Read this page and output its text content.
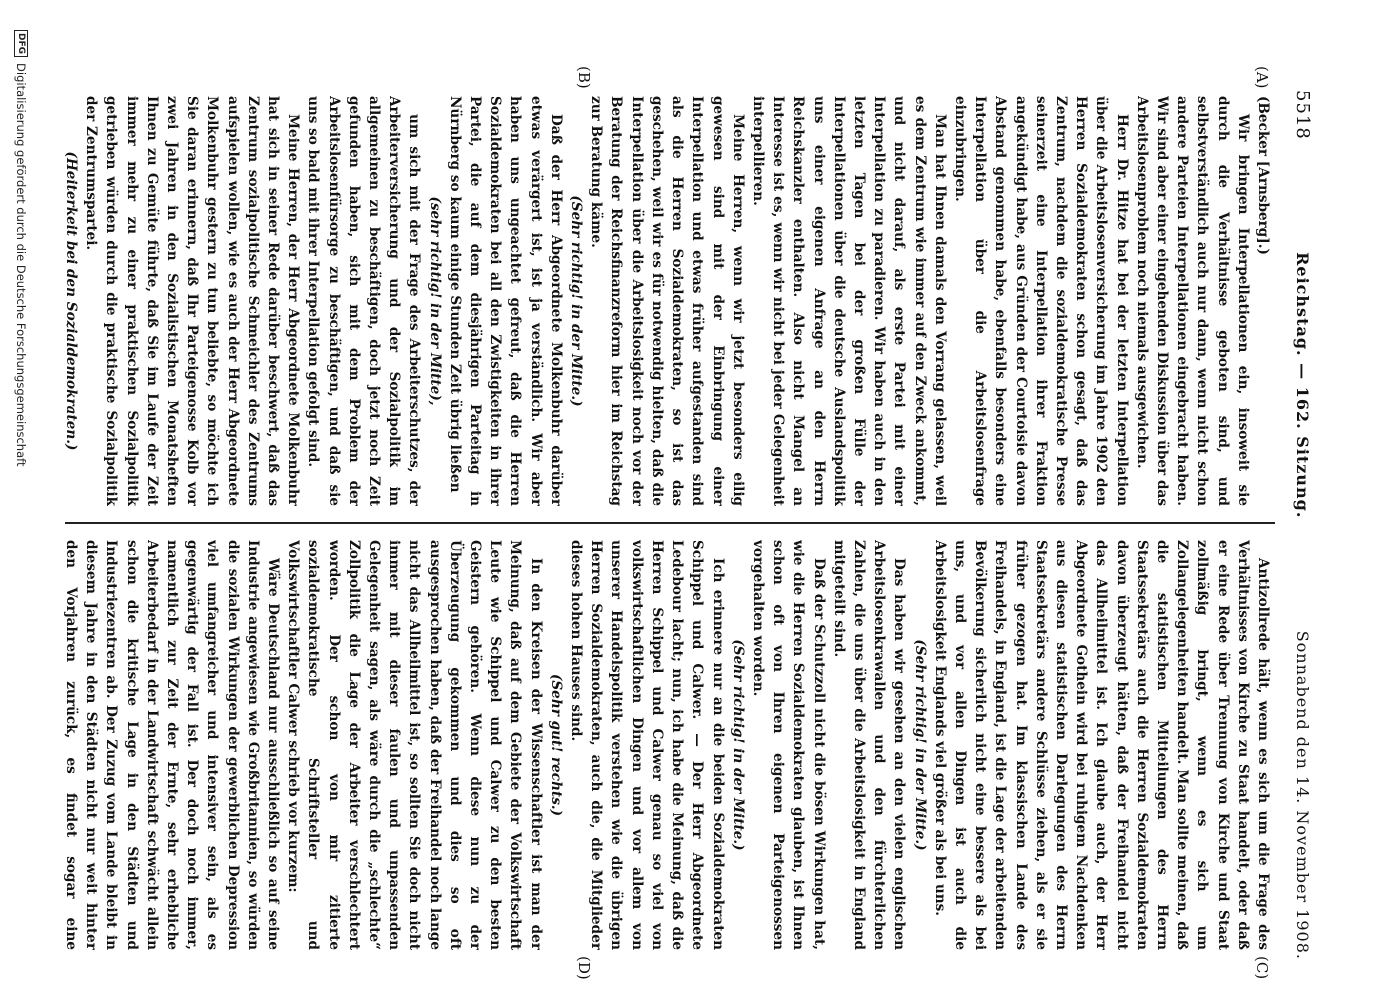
5518
Reichstag. — 162. Sitzung.
Sonnabend den 14. November 1908.
(A)
(B)
(C)
(D)

(Becker [Arnsberg].)

Wir bringen Interpellationen ein, insoweit sie durch die Verhältnisse geboten sind, und selbstverständlich auch nur dann, wenn nicht schon andere Parteien Interpellationen eingebracht haben. Wir sind aber einer eingehenden Diskussion über das Arbeitslosenproblem noch niemals ausgewichen.

Herr Dr. Hitze hat bei der letzten Interpellation über die Arbeitslosenversicherung im Jahre 1902 den Herren Sozialdemokraten schon gesagt, daß das Zentrum, nachdem die sozialdemokratische Presse seinerzeit eine Interpellation ihrer Fraktion angekündigt habe, aus Gründen der Courtoisie davon Abstand genommen habe, ebenfalls besonders eine Interpellation über die Arbeitslosenfrage einzubringen.

Man hat Ihnen damals den Vorrang gelassen, weil es dem Zentrum wie immer auf den Zweck ankommt, und nicht darauf, als erste Partei mit einer Interpellation zu paradieren. Wir haben auch in den letzten Tagen bei der großen Fülle der Interpellationen über die deutsche Auslandspolitik uns einer eigenen Anfrage an den Herrn Reichskanzler enthalten. Also nicht Mangel an Interesse ist es, wenn wir nicht bei jeder Gelegenheit interpellieren.

Meine Herren, wenn wir jetzt besonders eilig gewesen sind mit der Einbringung einer Interpellation und etwas früher aufgestanden sind als die Herren Sozialdemokraten, so ist das geschehen, weil wir es für notwendig hielten, daß die Interpellation über die Arbeitslosigkeit noch vor der Beratung der Reichsfinanzreform hier im Reichstag zur Beratung käme.

(Sehr richtig! in der Mitte.)

Daß der Herr Abgeordnete Molkenbuhr darüber etwas verärgert ist, ist ja verständlich. Wir aber haben uns ungeachtet gefreut, daß die Herren Sozialdemokraten bei all den Zwistigkeiten in ihrer Partei, die auf dem diesjährigen Parteitag in Nürnberg so kaum einige Stunden Zeit übrig ließen

(sehr richtig! in der Mitte),

um sich mit der Frage des Arbeiterschutzes, der Arbeiterversicherung und der Sozialpolitik im allgemeinen zu beschäftigen, doch jetzt noch Zeit gefunden haben, sich mit dem Problem der Arbeitslosenfürsorge zu beschäftigen, und daß sie uns so bald mit ihrer Interpellation gefolgt sind.

Meine Herren, der Herr Abgeordnete Molkenbuhr hat sich in seiner Rede darüber beschwert, daß das Zentrum sozialpolitische Schmeichler des Zentrums aufspielen wollen, wie es auch der Herr Abgeordnete Molkenbuhr gestern zu tun beliebte, so möchte ich Sie daran erinnern, daß Ihr Parteigenosse Kolb vor zwei Jahren in den Sozialistischen Monatsheften Ihnen zu Gemüte führte, daß Sie im Laufe der Zeit immer mehr zu einer praktischen Sozialpolitik getrieben würden durch die praktische Sozialpolitik der Zentrumspartei.

(Heiterkeit bei den Sozialdemokraten.)

Antizollrede hält, wenn es sich um die Frage des Verhältnisses von Kirche zu Staat handelt, oder daß er eine Rede über Trennung von Kirche und Staat zollmäßig bringt, wenn es sich um Zollangelegenheiten handelt. Man sollte meinen, daß die statistischen Mitteilungen des Herrn Staatssekretärs auch die Herren Sozialdemokraten davon überzeugt hätten, daß der Freihandel nicht das Allheilmittel ist. Ich glaube auch, der Herr Abgeordnete Gothein wird bei ruhigem Nachdenken aus diesen statistischen Darlegungen des Herrn Staatssekretärs andere Schlüsse ziehen, als er sie früher gezogen hat. Im klassischen Lande des Freihandels, in England, ist die Lage der arbeitenden Bevölkerung sicherlich nicht eine bessere als bei uns, und vor allen Dingen ist auch die Arbeitslosigkeit Englands viel größer als bei uns.

(Sehr richtig! in der Mitte.)

Das haben wir gesehen an den vielen englischen Arbeitslosenkrawallen und den fürchterlichen Zahlen, die uns über die Arbeitslosigkeit in England mitgeteilt sind.

Daß der Schutzzoll nicht die bösen Wirkungen hat, wie die Herren Sozialdemokraten glauben, ist Ihnen schon oft von Ihren eigenen Parteigenossen vorgehalten worden.

(Sehr richtig! in der Mitte.)

Ich erinnere nur an die beiden Sozialdemokraten Schippel und Calwer. — Der Herr Abgeordnete Ledebour lacht; nun, ich habe die Meinung, daß die Herren Schippel und Calwer genau so viel von volkswirtschaftlichen Dingen und vor allem von unserer Handelspolitik verstehen wie die übrigen Herren Sozialdemokraten, auch die, die Mitglieder dieses hohen Hauses sind.

(Sehr gut! rechts.)

In den Kreisen der Wissenschaftler ist man der Meinung, daß auf dem Gebiete der Volkswirtschaft Leute wie Schippel und Calwer zu den besten Geistern gehören. Wenn diese nun zu der Überzeugung gekommen und dies so oft ausgesprochen haben, daß der Freihandel noch lange nicht das Allheilmittel ist, so sollten Sie doch nicht immer mit dieser faulen und unpassenden Gelegenheit sagen, als wäre durch die „schlechte“ Zollpolitik die Lage der Arbeiter verschlechtert worden. Der schon von mir zitierte sozialdemokratische Schriftsteller und Volkswirtschaftler Calwer schrieb vor kurzem:

Wäre Deutschland nur ausschließlich so auf seine Industrie angewiesen wie Großbritannien, so würden die sozialen Wirkungen der gewerblichen Depression viel umfangreicher und intensiver sein, als es gegenwärtig der Fall ist. Der doch noch immer, namentlich zur Zeit der Ernte, sehr erhebliche Arbeiterbedarf in der Landwirtschaft schwächt allein schon die kritische Lage in den Städten und Industriezentren ab. Der Zuzug vom Lande bleibt in diesem Jahre in den Städten nicht nur weit hinter den Vorjahren zurück, es findet sogar eine

DFG
Digitalisierung gefördert durch die Deutsche Forschungsgemeinschaft
